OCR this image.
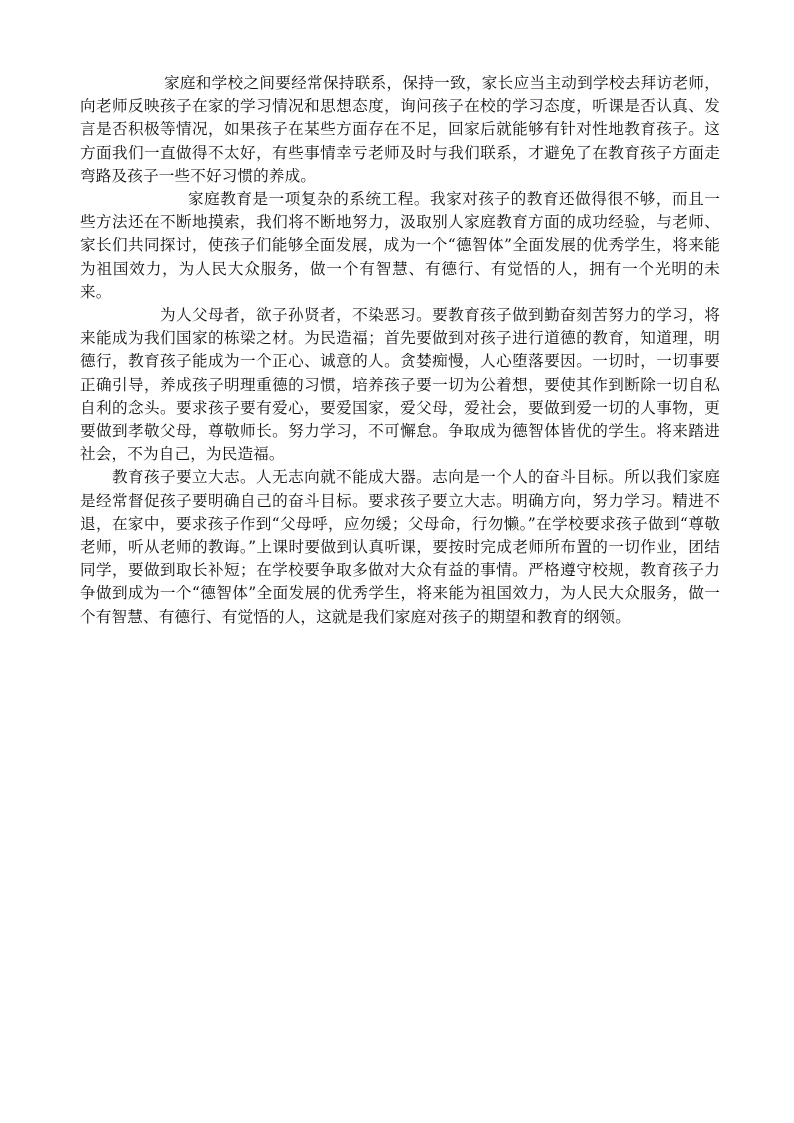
家庭和学校之间要经常保持联系，保持一致，家长应当主动到学校去拜访老师，向老师反映孩子在家的学习情况和思想态度，询问孩子在校的学习态度，听课是否认真、发言是否积极等情况，如果孩子在某些方面存在不足，回家后就能够有针对性地教育孩子。这方面我们一直做得不太好，有些事情幸亏老师及时与我们联系，才避免了在教育孩子方面走弯路及孩子一些不好习惯的养成。

家庭教育是一项复杂的系统工程。我家对孩子的教育还做得很不够，而且一些方法还在不断地摸索，我们将不断地努力，汲取别人家庭教育方面的成功经验，与老师、家长们共同探讨，使孩子们能够全面发展，成为一个“德智体”全面发展的优秀学生，将来能为祖国效力，为人民大众服务，做一个有智慧、有德行、有觉悟的人，拥有一个光明的未来。

为人父母者，欲子孙贤者，不染恶习。要教育孩子做到勤奋刻苦努力的学习，将来能成为我们国家的栋梁之材。为民造福；首先要做到对孩子进行道德的教育，知道理，明德行，教育孩子能成为一个正心、诚意的人。贪婪痴慢，人心堕落要因。一切时，一切事要正确引导，养成孩子明理重德的习惯，培养孩子要一切为公着想，要使其作到断除一切自私自利的念头。要求孩子要有爱心，要爱国家，爱父母，爱社会，要做到爱一切的人事物，更要做到孝敬父母，尊敬师长。努力学习，不可懈怠。争取成为德智体皆优的学生。将来踏进社会，不为自己，为民造福。

教育孩子要立大志。人无志向就不能成大器。志向是一个人的奋斗目标。所以我们家庭是经常督促孩子要明确自己的奋斗目标。要求孩子要立大志。明确方向，努力学习。精进不退，在家中，要求孩子作到“父母呼，应勿缓；父母命，行勿懒。”在学校要求孩子做到“尊敬老师，听从老师的教诲。”上课时要做到认真听课，要按时完成老师所布置的一切作业，团结同学，要做到取长补短；在学校要争取多做对大众有益的事情。严格遵守校规，教育孩子力争做到成为一个“德智体”全面发展的优秀学生，将来能为祖国效力，为人民大众服务，做一个有智慧、有德行、有觉悟的人，这就是我们家庭对孩子的期望和教育的纲领。
